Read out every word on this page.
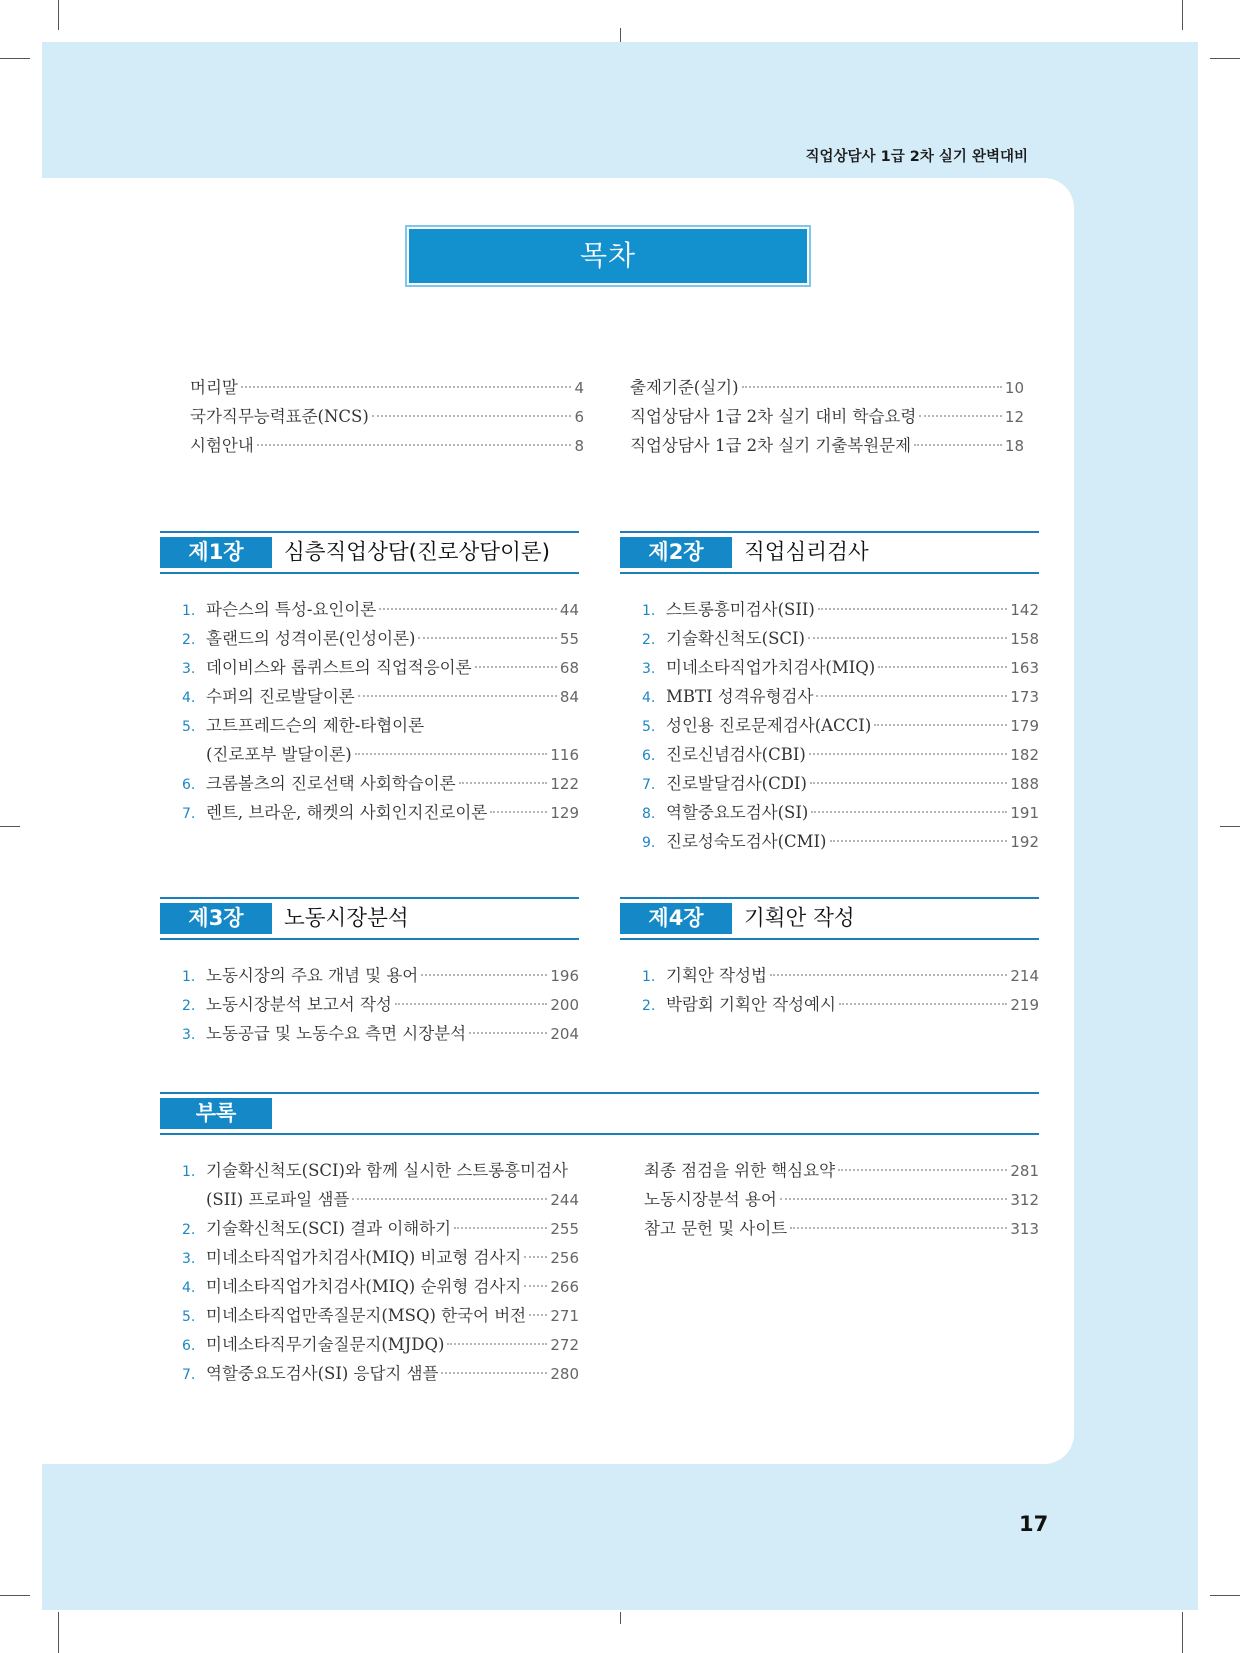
직업상담사 1급 2차 실기 완벽대비
목차
머리말	4
국가직무능력표준(NCS)	6
시험안내	8
출제기준(실기)	10
직업상담사 1급 2차 실기 대비 학습요령	12
직업상담사 1급 2차 실기 기출복원문제	18
제1장	심층직업상담(진로상담이론)
1. 파슨스의 특성-요인이론	44
2. 홀랜드의 성격이론(인성이론)	55
3. 데이비스와 롭퀴스트의 직업적응이론	68
4. 수퍼의 진로발달이론	84
5. 고트프레드슨의 제한-타협이론
(진로포부 발달이론)	116
6. 크롬볼츠의 진로선택 사회학습이론	122
7. 렌트, 브라운, 해켓의 사회인지진로이론	129
제2장	직업심리검사
1. 스트롱흥미검사(SII)	142
2. 기술확신척도(SCI)	158
3. 미네소타직업가치검사(MIQ)	163
4. MBTI 성격유형검사	173
5. 성인용 진로문제검사(ACCI)	179
6. 진로신념검사(CBI)	182
7. 진로발달검사(CDI)	188
8. 역할중요도검사(SI)	191
9. 진로성숙도검사(CMI)	192
제3장	노동시장분석
1. 노동시장의 주요 개념 및 용어	196
2. 노동시장분석 보고서 작성	200
3. 노동공급 및 노동수요 측면 시장분석	204
제4장	기획안 작성
1. 기획안 작성법	214
2. 박람회 기획안 작성예시	219
부록
1. 기술확신척도(SCI)와 함께 실시한 스트롱흥미검사
(SII) 프로파일 샘플	244
2. 기술확신척도(SCI) 결과 이해하기	255
3. 미네소타직업가치검사(MIQ) 비교형 검사지 256
4. 미네소타직업가치검사(MIQ) 순위형 검사지 266
5. 미네소타직업만족질문지(MSQ) 한국어 버전 271
6. 미네소타직무기술질문지(MJDQ)	272
7. 역할중요도검사(SI) 응답지 샘플	280
최종 점검을 위한 핵심요약	281
노동시장분석 용어	312
참고 문헌 및 사이트	313
17
